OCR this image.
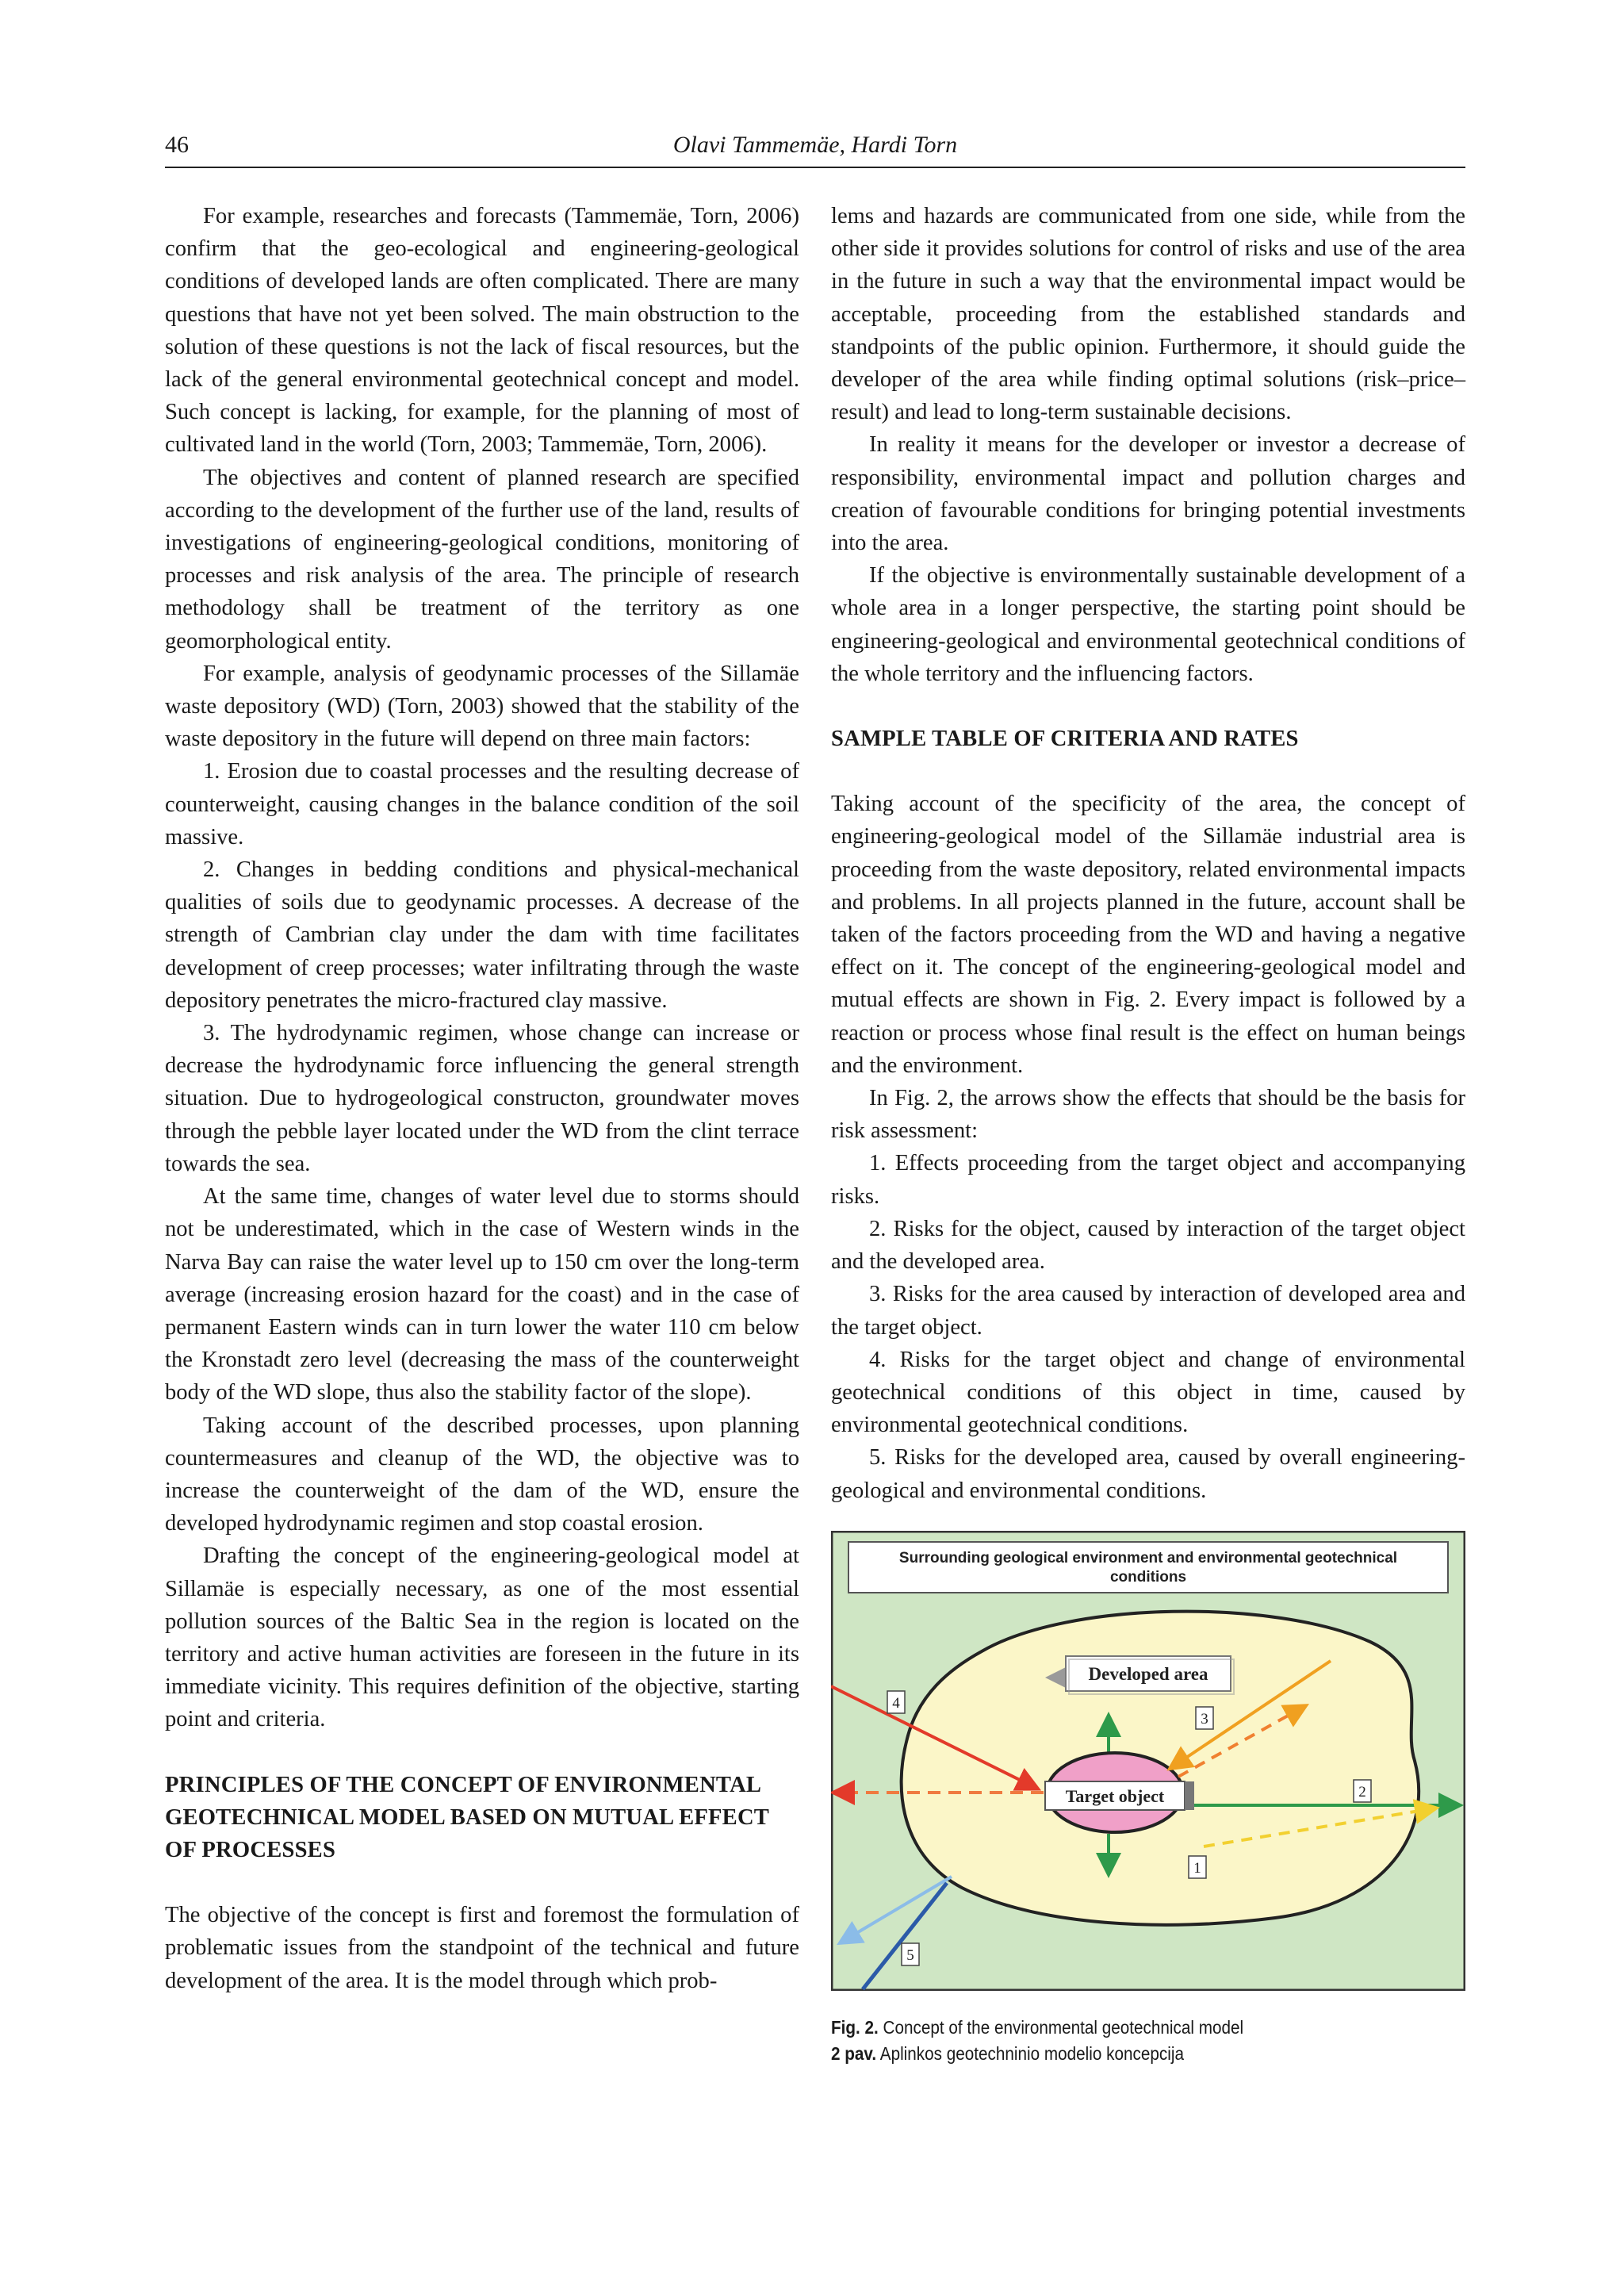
46	Olavi Tammemäe, Hardi Torn

For example, researches and forecasts (Tammemäe, Torn, 2006) confirm that the geo-ecological and engineering-geological conditions of developed lands are often complicated. There are many questions that have not yet been solved. The main obstruction to the solution of these questions is not the lack of fiscal resources, but the lack of the general environmental geotechnical concept and model. Such concept is lacking, for example, for the planning of most of cultivated land in the world (Torn, 2003; Tammemäe, Torn, 2006).

The objectives and content of planned research are specified according to the development of the further use of the land, results of investigations of engineering-geological conditions, monitoring of processes and risk analysis of the area. The principle of research methodology shall be treatment of the territory as one geomorphological entity.

For example, analysis of geodynamic processes of the Sillamäe waste depository (WD) (Torn, 2003) showed that the stability of the waste depository in the future will depend on three main factors:

1. Erosion due to coastal processes and the resulting decrease of counterweight, causing changes in the balance condition of the soil massive.

2. Changes in bedding conditions and physical-mechanical qualities of soils due to geodynamic processes. A decrease of the strength of Cambrian clay under the dam with time facilitates development of creep processes; water infiltrating through the waste depository penetrates the micro-fractured clay massive.

3. The hydrodynamic regimen, whose change can increase or decrease the hydrodynamic force influencing the general strength situation. Due to hydrogeological constructon, groundwater moves through the pebble layer located under the WD from the clint terrace towards the sea.

At the same time, changes of water level due to storms should not be underestimated, which in the case of Western winds in the Narva Bay can raise the water level up to 150 cm over the long-term average (increasing erosion hazard for the coast) and in the case of permanent Eastern winds can in turn lower the water 110 cm below the Kronstadt zero level (decreasing the mass of the counterweight body of the WD slope, thus also the stability factor of the slope).

Taking account of the described processes, upon planning countermeasures and cleanup of the WD, the objective was to increase the counterweight of the dam of the WD, ensure the developed hydrodynamic regimen and stop coastal erosion.

Drafting the concept of the engineering-geological model at Sillamäe is especially necessary, as one of the most essential pollution sources of the Baltic Sea in the region is located on the territory and active human activities are foreseen in the future in its immediate vicinity. This requires definition of the objective, starting point and criteria.

PRINCIPLES OF THE CONCEPT OF ENVIRONMENTAL GEOTECHNICAL MODEL BASED ON MUTUAL EFFECT OF PROCESSES

The objective of the concept is first and foremost the formulation of problematic issues from the standpoint of the technical and future development of the area. It is the model through which prob-

lems and hazards are communicated from one side, while from the other side it provides solutions for control of risks and use of the area in the future in such a way that the environmental impact would be acceptable, proceeding from the established standards and standpoints of the public opinion. Furthermore, it should guide the developer of the area while finding optimal solutions (risk–price–result) and lead to long-term sustainable decisions.

In reality it means for the developer or investor a decrease of responsibility, environmental impact and pollution charges and creation of favourable conditions for bringing potential investments into the area.

If the objective is environmentally sustainable development of a whole area in a longer perspective, the starting point should be engineering-geological and environmental geotechnical conditions of the whole territory and the influencing factors.

SAMPLE TABLE OF CRITERIA AND RATES

Taking account of the specificity of the area, the concept of engineering-geological model of the Sillamäe industrial area is proceeding from the waste depository, related environmental impacts and problems. In all projects planned in the future, account shall be taken of the factors proceeding from the WD and having a negative effect on it. The concept of the engineering-geological model and mutual effects are shown in Fig. 2. Every impact is followed by a reaction or process whose final result is the effect on human beings and the environment.

In Fig. 2, the arrows show the effects that should be the basis for risk assessment:

1. Effects proceeding from the target object and accompanying risks.

2. Risks for the object, caused by interaction of the target object and the developed area.

3. Risks for the area caused by interaction of developed area and the target object.

4. Risks for the target object and change of environmental geotechnical conditions of this object in time, caused by environmental geotechnical conditions.

5. Risks for the developed area, caused by overall engineering-geological and environmental conditions.

Surrounding geological environment and environmental geotechnical
conditions
Developed area
Target object
1
2
3
4
5
Fig. 2. Concept of the environmental geotechnical model
2 pav. Aplinkos geotechninio modelio koncepcija
